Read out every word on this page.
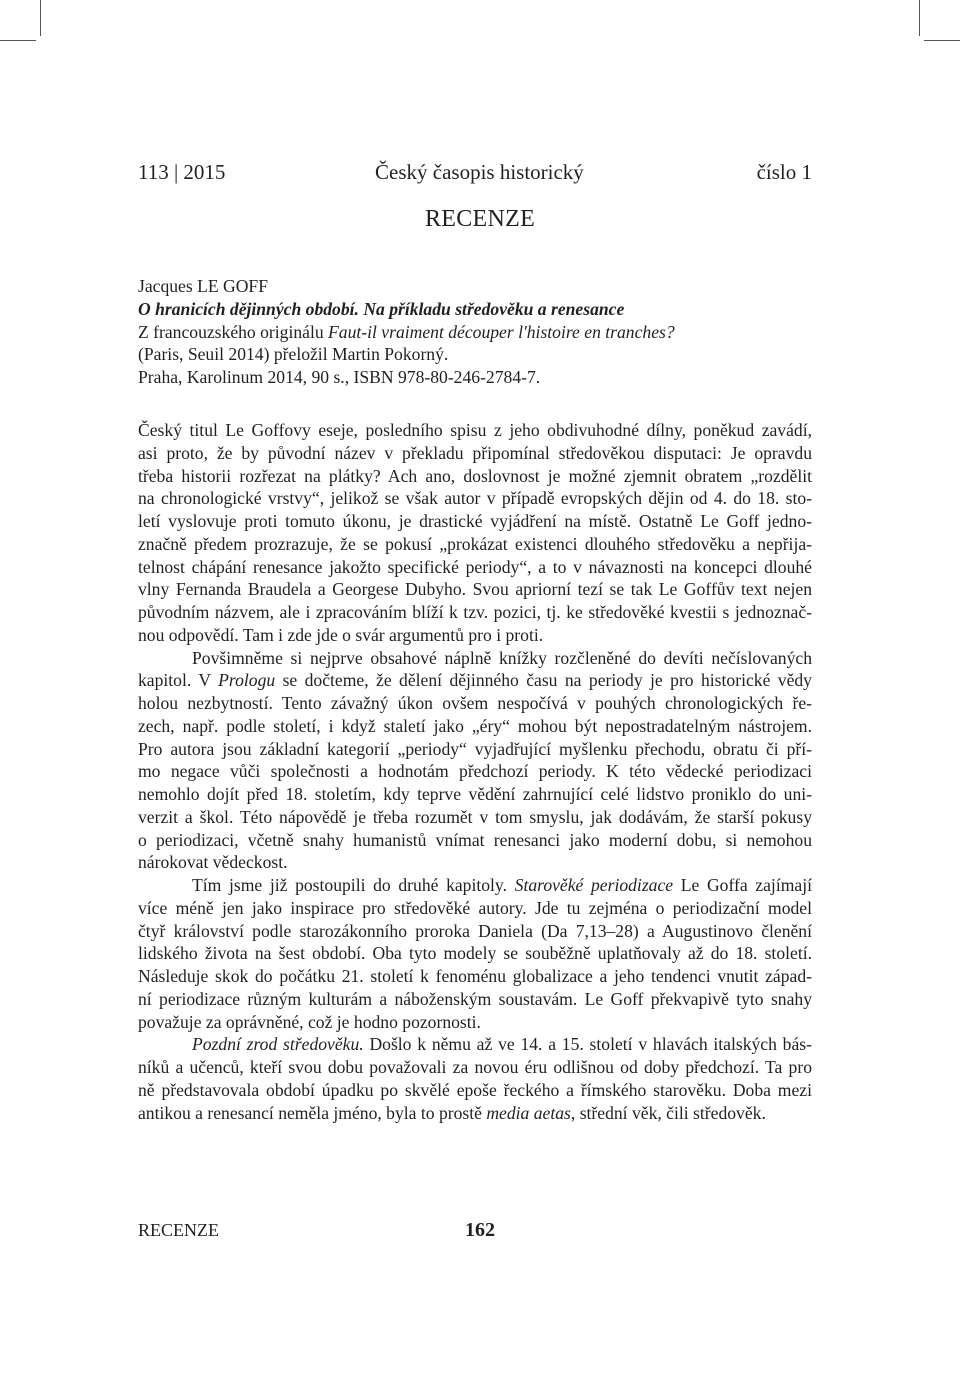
113 | 2015	Český časopis historický	číslo 1
RECENZE
Jacques LE GOFF
O hranicích dějinných období. Na příkladu středověku a renesance
Z francouzského originálu Faut-il vraiment découper l'histoire en tranches?
(Paris, Seuil 2014) přeložil Martin Pokorný.
Praha, Karolinum 2014, 90 s., ISBN 978-80-246-2784-7.
Český titul Le Goffovy eseje, posledního spisu z jeho obdivuhodné dílny, poněkud zavádí,
asi proto, že by původní název v překladu připomínal středověkou disputaci: Je opravdu
třeba historii rozřezat na plátky? Ach ano, doslovnost je možné zjemnit obratem „rozdělit
na chronologické vrstvy“, jelikož se však autor v případě evropských dějin od 4. do 18. sto-
letí vyslovuje proti tomuto úkonu, je drastické vyjádření na místě. Ostatně Le Goff jedno-
značně předem prozrazuje, že se pokusí „prokázat existenci dlouhého středověku a nepřija-
telnost chápání renesance jakožto specifické periody“, a to v návaznosti na koncepci dlouhé
vlny Fernanda Braudela a Georgese Dubyho. Svou apriorní tezí se tak Le Goffův text nejen
původním názvem, ale i zpracováním blíží k tzv. pozici, tj. ke středověké kvestii s jednoznač-
nou odpovědí. Tam i zde jde o svár argumentů pro i proti.
Povšimněme si nejprve obsahové náplně knížky rozčleněné do devíti nečíslovaných
kapitol. V Prologu se dočteme, že dělení dějinného času na periody je pro historické vědy
holou nezbytností. Tento závažný úkon ovšem nespočívá v pouhých chronologických ře-
zech, např. podle století, i když staletí jako „éry“ mohou být nepostradatelným nástrojem.
Pro autora jsou základní kategorií „periody“ vyjadřující myšlenku přechodu, obratu či pří-
mo negace vůči společnosti a hodnotám předchozí periody. K této vědecké periodizaci
nemohlo dojít před 18. stoletím, kdy teprve vědění zahrnující celé lidstvo proniklo do uni-
verzit a škol. Této nápovědě je třeba rozumět v tom smyslu, jak dodávám, že starší pokusy
o periodizaci, včetně snahy humanistů vnímat renesanci jako moderní dobu, si nemohou
nárokovat vědeckost.
Tím jsme již postoupili do druhé kapitoly. Starověké periodizace Le Goffa zajímají
více méně jen jako inspirace pro středověké autory. Jde tu zejména o periodizační model
čtyř království podle starozákonního proroka Daniela (Da 7,13–28) a Augustinovo členění
lidského života na šest období. Oba tyto modely se souběžně uplatňovaly až do 18. století.
Následuje skok do počátku 21. století k fenoménu globalizace a jeho tendenci vnutit západ-
ní periodizace různým kulturám a náboženským soustavám. Le Goff překvapivě tyto snahy
považuje za oprávněné, což je hodno pozornosti.
Pozdní zrod středověku. Došlo k němu až ve 14. a 15. století v hlavách italských bás-
níků a učenců, kteří svou dobu považovali za novou éru odlišnou od doby předchozí. Ta pro
ně představovala období úpadku po skvělé epoše řeckého a římského starověku. Doba mezi
antikou a renesancí neměla jméno, byla to prostě media aetas, střední věk, čili středověk.
RECENZE	162
